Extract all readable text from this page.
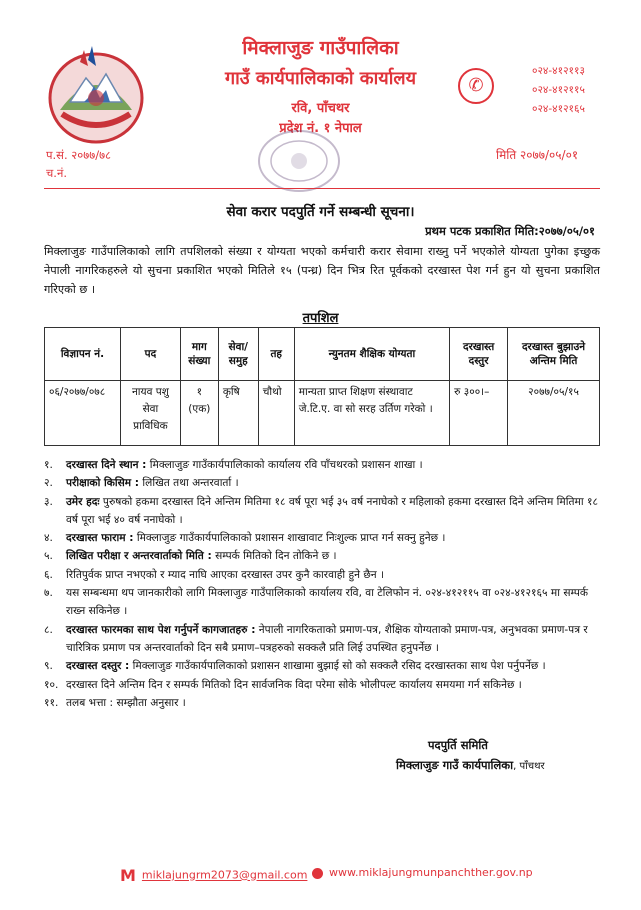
मिक्लाजुङ गाउँपालिका
गाउँ कार्यपालिकाको कार्यालय
रवि, पाँचथर
प्रदेश नं. १ नेपाल
✆
०२४-४१२११३
०२४-४१२११५
०२४-४१२१६५
प.सं. २०७७/७८
च.नं.
मिति २०७७/०५/०१
सेवा करार पदपुर्ति गर्ने सम्बन्धी सूचना।
प्रथम पटक प्रकाशित मिति:२०७७/०५/०१
मिक्लाजुङ गाउँपालिकाको लागि तपशिलको संख्या र योग्यता भएको कर्मचारी करार सेवामा राख्नु पर्ने भएकोले योग्यता पुगेका इच्छुक नेपाली नागरिकहरुले यो सुचना प्रकाशित भएको मितिले १५ (पन्ध्र) दिन भित्र रित पूर्वकको दरखास्त पेश गर्न हुन यो सुचना प्रकाशित गरिएको छ ।
तपशिल
विज्ञापन नं.	पद	माग संख्या	सेवा/ समुह	तह	न्युनतम शैक्षिक योग्यता	दरखास्त दस्तुर	दरखास्त बुझाउने अन्तिम मिति
०६/२०७७/०७८	नायव पशु सेवा प्राविधिक	१ (एक)	कृषि	चौथो	मान्यता प्राप्त शिक्षण संस्थावाट जे.टि.ए. वा सो सरह उर्तिण गरेको ।	रु ३००।–	२०७७/०५/१५
१.	दरखास्त दिने स्थान : मिक्लाजुङ गाउँकार्यपालिकाको कार्यालय रवि पाँचथरको प्रशासन शाखा ।
२.	परीक्षाको किसिम : लिखित तथा अन्तरवार्ता ।
३.	उमेर हदः पुरुषको हकमा दरखास्त दिने अन्तिम मितिमा १८ वर्ष पूरा भई ३५ वर्ष ननाघेको र महिलाको हकमा दरखास्त दिने अन्तिम मितिमा १८ वर्ष पूरा भई ४० वर्ष ननाघेको ।
४.	दरखास्त फाराम : मिक्लाजुङ गाउँकार्यपालिकाको प्रशासन शाखावाट निःशुल्क प्राप्त गर्न सक्नु हुनेछ ।
५.	लिखित परीक्षा र अन्तरवार्ताको मिति : सम्पर्क मितिको दिन तोकिने छ ।
६.	रितिपुर्वक प्राप्त नभएको र म्याद नाघि आएका दरखास्त उपर कुनै कारवाही हुने छैन ।
७.	यस सम्बन्धमा थप जानकारीको लागि मिक्लाजुङ गाउँपालिकाको कार्यालय रवि, वा टेलिफोन नं. ०२४-४१२११५ वा ०२४-४१२१६५ मा सम्पर्क राख्न सकिनेछ ।
८.	दरखास्त फारमका साथ पेश गर्नुपर्ने कागजातहरु : नेपाली नागरिकताको प्रमाण-पत्र, शैक्षिक योग्यताको प्रमाण-पत्र, अनुभवका प्रमाण-पत्र र चारित्रिक प्रमाण पत्र अन्तरवार्ताको दिन सबै प्रमाण–पत्रहरुको सक्कलै प्रति लिई उपस्थित हनुपर्नेछ ।
९.	दरखास्त दस्तुर : मिक्लाजुङ गाउँकार्यपालिकाको प्रशासन शाखामा बुझाई सो को सक्कलै रसिद दरखास्तका साथ पेश पर्नुपर्नेछ ।
१०. दरखास्त दिने अन्तिम दिन र सम्पर्क मितिको दिन सार्वजनिक विदा परेमा सोके भोलीपल्ट कार्यालय समयमा गर्न सकिनेछ ।
११. तलब भत्ता : सम्झौता अनुसार ।
पदपुर्ति समिति
मिक्लाजुङ गाउँ कार्यपालिका, पाँचथर
M miklajungrm2073@gmail.com	www.miklajungmunpanchther.gov.np
